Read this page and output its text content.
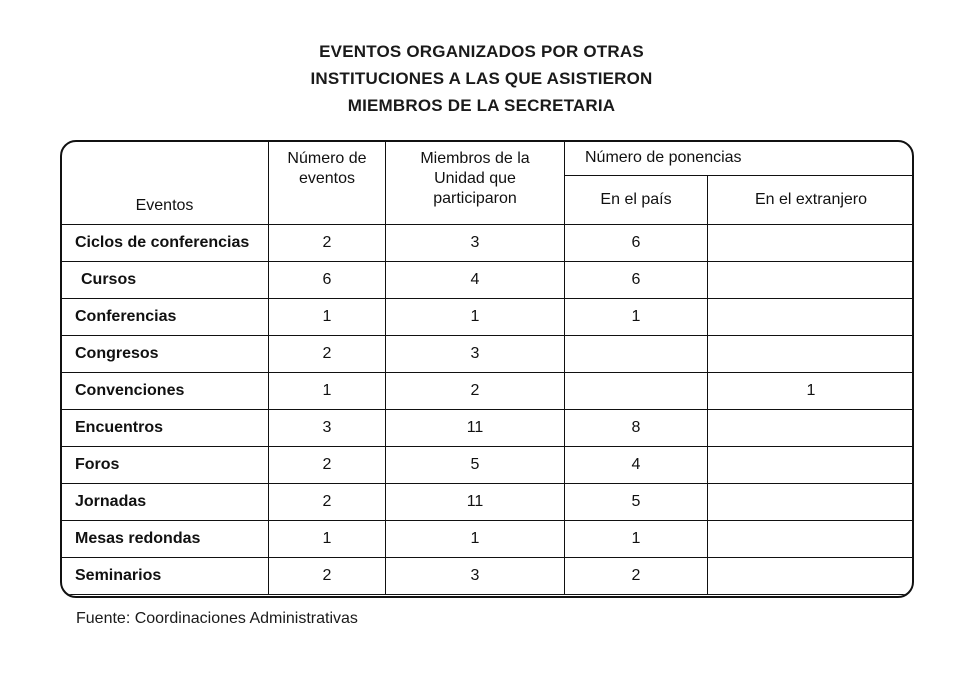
EVENTOS ORGANIZADOS POR OTRAS
INSTITUCIONES A LAS QUE ASISTIERON
MIEMBROS DE LA SECRETARIA
Eventos	Número de eventos	Miembros de la Unidad que participaron	Número de ponencias	
			En el país	En el extranjero
Ciclos de conferencias	2	3	6	
Cursos	6	4	6	
Conferencias	1	1	1	
Congresos	2	3		
Convenciones	1	2		1
Encuentros	3	11	8	
Foros	2	5	4	
Jornadas	2	11	5	
Mesas redondas	1	1	1	
Seminarios	2	3	2	
Fuente: Coordinaciones Administrativas
